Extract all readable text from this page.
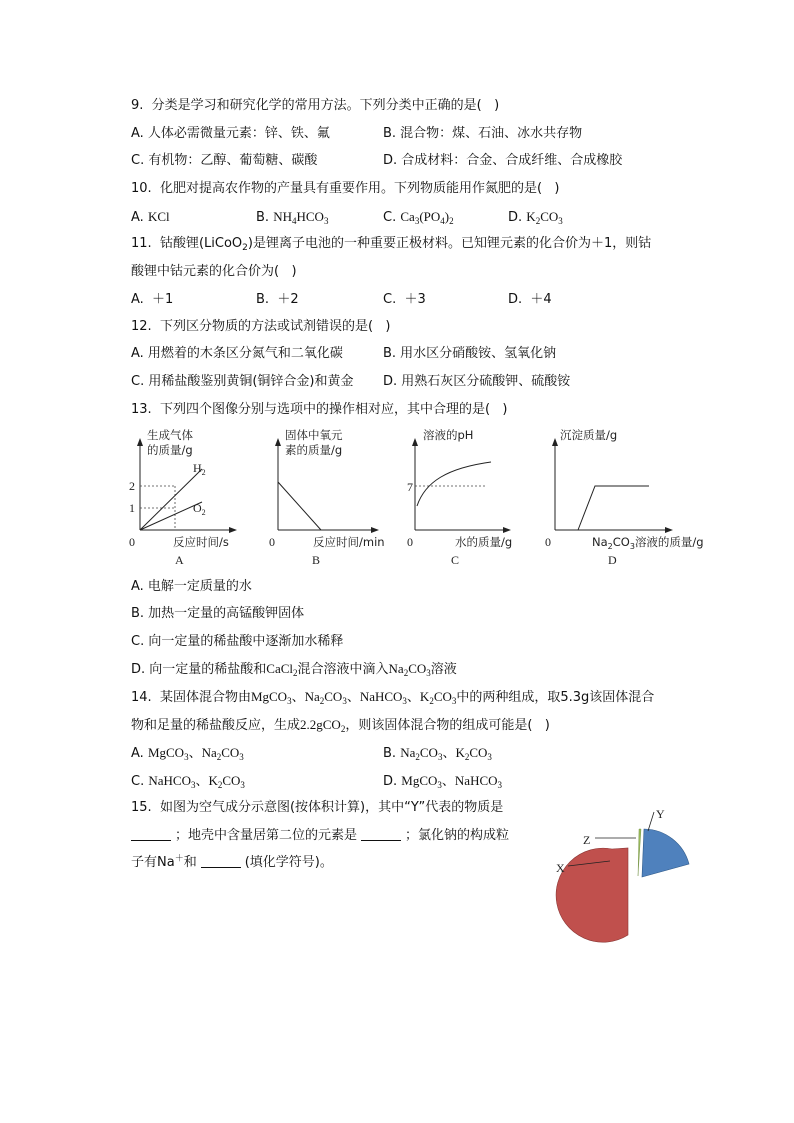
9.  分类是学习和研究化学的常用方法。下列分类中正确的是(   )
A. 人体必需微量元素：锌、铁、氟	B. 混合物：煤、石油、冰水共存物
C. 有机物：乙醇、葡萄糖、碳酸	D. 合成材料：合金、合成纤维、合成橡胶
10.  化肥对提高农作物的产量具有重要作用。下列物质能用作氮肥的是(   )
A. KCl	B. $NH_4HCO_3$	C. $Ca_3(PO_4)_2$	D. $K_2CO_3$
11.  钴酸锂(LiCoO$_2$)是锂离子电池的一种重要正极材料。已知锂元素的化合价为＋1，则钴
酸锂中钴元素的化合价为(   )
A.  ＋1	B.  ＋2	C.  ＋3	D.  ＋4
12.  下列区分物质的方法或试剂错误的是(   )
A. 用燃着的木条区分氮气和二氧化碳	B. 用水区分硝酸铵、氢氧化钠
C. 用稀盐酸鉴别黄铜(铜锌合金)和黄金 D. 用熟石灰区分硫酸钾、硫酸铵
13.  下列四个图像分别与选项中的操作相对应，其中合理的是(   )
生成气体
的质量/g
$H_2$
$O_2$
2
1
0	反应时间/s
A
固体中氧元
素的质量/g
0	反应时间/min
B
溶液的pH
7
0	水的质量/g
C
沉淀质量/g
0	$Na_2CO_3$溶液的质量/g
D
A. 电解一定质量的水
B. 加热一定量的高锰酸钾固体
C. 向一定量的稀盐酸中逐渐加水稀释
D. 向一定量的稀盐酸和CaCl$_2$混合溶液中滴入$Na_2CO_3$溶液
14.  某固体混合物由MgCO$_3$、$Na_2CO_3$、NaHCO$_3$、$K_2CO_3$中的两种组成，取5.3g该固体混合
物和足量的稀盐酸反应，生成2.2gCO$_2$，则该固体混合物的组成可能是(   )
A. MgCO$_3$、$Na_2CO_3$	B. $Na_2CO_3$、$K_2CO_3$
C. NaHCO$_3$、$K_2CO_3$	D. MgCO$_3$、NaHCO$_3$
15.  如图为空气成分示意图(按体积计算)，其中“Y”代表的物质是
；地壳中含量居第二位的元素是	；氯化钠的构成粒
子有Na＋和	(填化学符号)。
Y
Z
X
